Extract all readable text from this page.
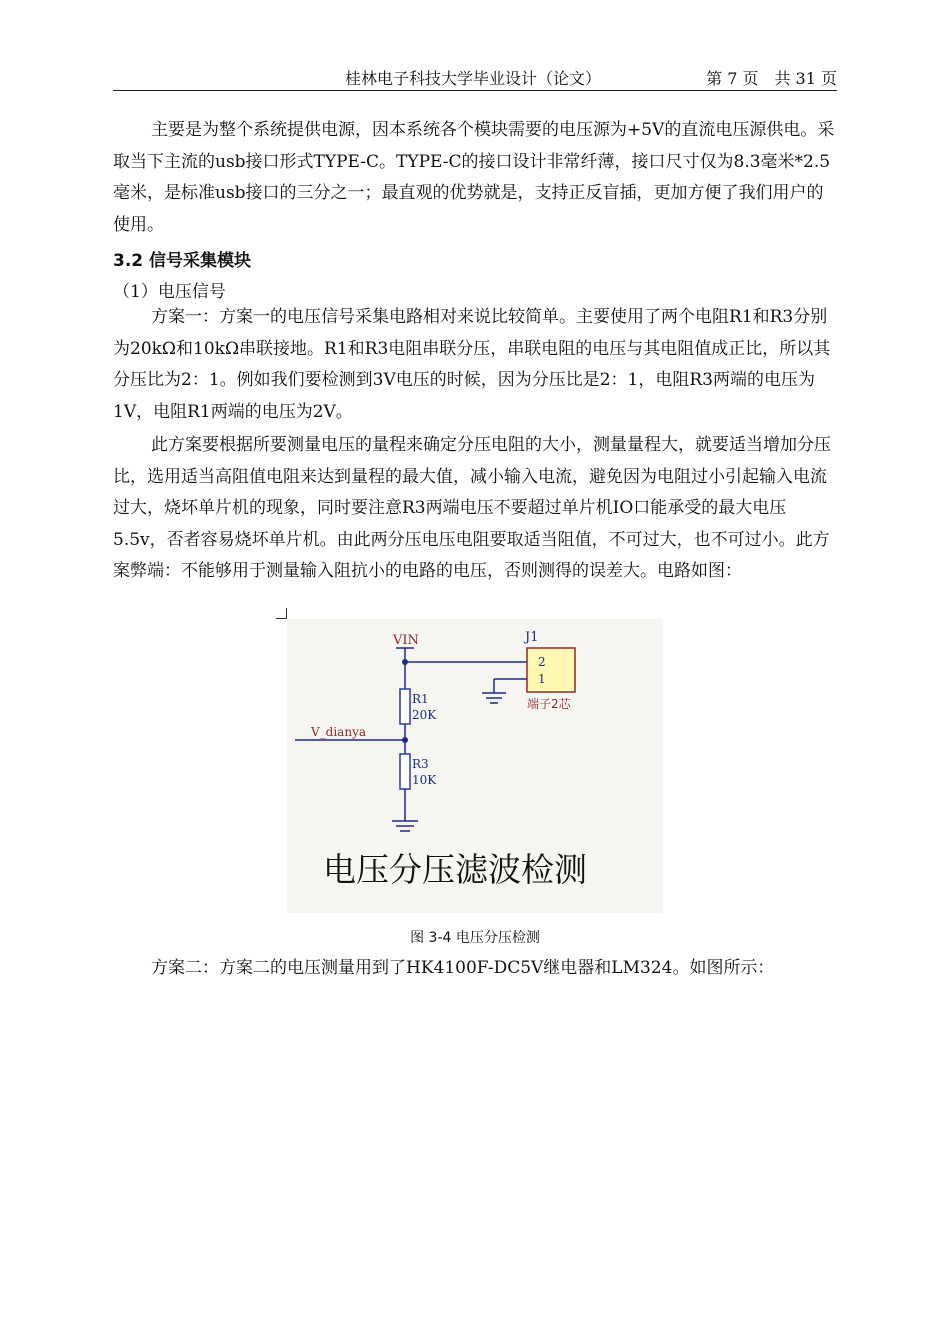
桂林电子科技大学毕业设计（论文）	第 7 页　共 31 页

主要是为整个系统提供电源，因本系统各个模块需要的电压源为+5V的直流电压源供电。采取当下主流的usb接口形式TYPE-C。TYPE-C的接口设计非常纤薄，接口尺寸仅为8.3毫米*2.5毫米，是标准usb接口的三分之一；最直观的优势就是，支持正反盲插，更加方便了我们用户的使用。

3.2 信号采集模块
（1）电压信号

方案一：方案一的电压信号采集电路相对来说比较简单。主要使用了两个电阻R1和R3分别为20kΩ和10kΩ串联接地。R1和R3电阻串联分压，串联电阻的电压与其电阻值成正比，所以其分压比为2：1。例如我们要检测到3V电压的时候，因为分压比是2：1，电阻R3两端的电压为1V，电阻R1两端的电压为2V。

此方案要根据所要测量电压的量程来确定分压电阻的大小，测量量程大，就要适当增加分压比，选用适当高阻值电阻来达到量程的最大值，减小输入电流，避免因为电阻过小引起输入电流过大，烧坏单片机的现象，同时要注意R3两端电压不要超过单片机IO口能承受的最大电压5.5v，否者容易烧坏单片机。由此两分压电压电阻要取适当阻值，不可过大，也不可过小。此方案弊端：不能够用于测量输入阻抗小的电路的电压，否则测得的误差大。电路如图：

VIN	J1
2
1
端子2芯
R1
20K
V_dianya
R3
10K
电压分压滤波检测
图 3-4 电压分压检测

方案二：方案二的电压测量用到了HK4100F-DC5V继电器和LM324。如图所示：
